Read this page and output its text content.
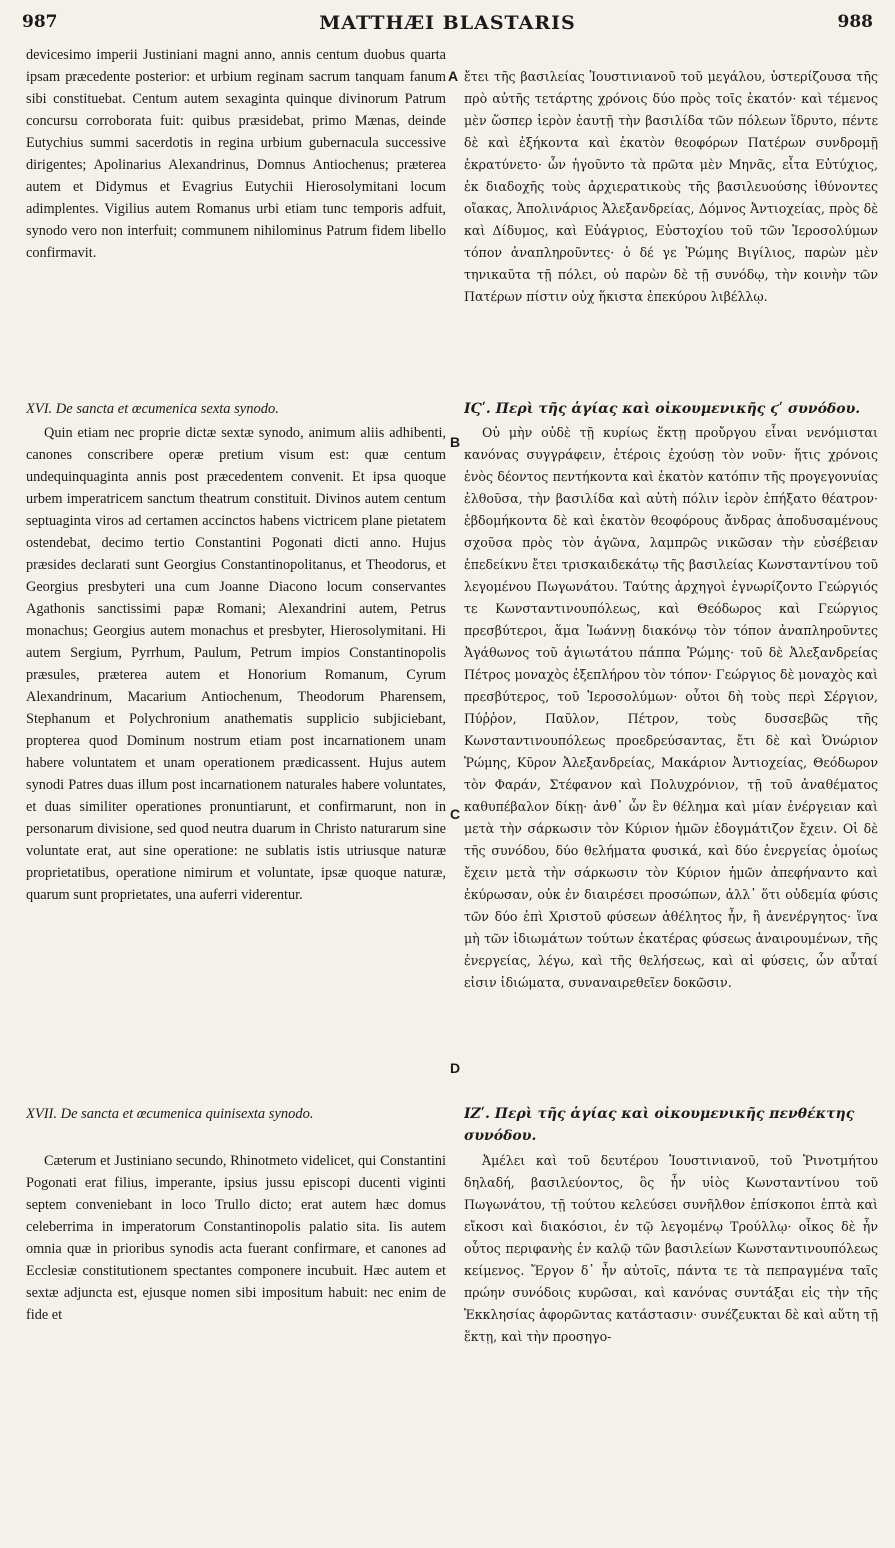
987	MATTHÆI BLASTARIS	988

devicesimo imperii Justiniani magni anno, annis centum duobus quarta ipsam præcedente posterior: et urbium reginam sacrum tanquam fanum sibi constituebat. Centum autem sexaginta quinque divinorum Patrum concursu corroborata fuit: quibus præsidebat, primo Mænas, deinde Eutychius summi sacerdotis in regina urbium gubernacula successive dirigentes; Apolinarius Alexandrinus, Domnus Antiochenus; præterea autem et Didymus et Evagrius Eutychii Hierosolymitani locum adimplentes. Vigilius autem Romanus urbi etiam tunc temporis adfuit, synodo vero non interfuit; communem nihilominus Patrum fidem libello confirmavit.

XVI. De sancta et œcumenica sexta synodo.

Quin etiam nec proprie dictæ sextæ synodo, animum aliis adhibenti, canones conscribere operæ pretium visum est: quæ centum undequinquaginta annis post præcedentem convenit. Et ipsa quoque urbem imperatricem sanctum theatrum constituit. Divinos autem centum septuaginta viros ad certamen accinctos habens victricem plane pietatem ostendebat, decimo tertio Constantini Pogonati dicti anno. Hujus præsides declarati sunt Georgius Constantinopolitanus, et Theodorus, et Georgius presbyteri una cum Joanne Diacono locum conservantes Agathonis sanctissimi papæ Romani; Alexandrini autem, Petrus monachus; Georgius autem monachus et presbyter, Hierosolymitani. Hi autem Sergium, Pyrrhum, Paulum, Petrum impios Constantinopolis præsules, præterea autem et Honorium Romanum, Cyrum Alexandrinum, Macarium Antiochenum, Theodorum Pharensem, Stephanum et Polychronium anathematis supplicio subjiciebant, propterea quod Dominum nostrum etiam post incarnationem unam habere voluntatem et unam operationem prædicassent. Hujus autem synodi Patres duas illum post incarnationem naturales habere voluntates, et duas similiter operationes pronuntiarunt, et confirmarunt, non in personarum divisione, sed quod neutra duarum in Christo naturarum sine voluntate erat, aut sine operatione: ne sublatis istis utriusque naturæ proprietatibus, operatione nimirum et voluntate, ipsæ quoque naturæ, quarum sunt proprietates, una auferri viderentur.

XVII. De sancta et œcumenica quinisexta synodo.

Cæterum et Justiniano secundo, Rhinotmeto videlicet, qui Constantini Pogonati erat filius, imperante, ipsius jussu episcopi ducenti viginti septem conveniebant in loco Trullo dicto; erat autem hæc domus celeberrima in imperatorum Constantinopolis palatio sita. Iis autem omnia quæ in prioribus synodis acta fuerant confirmare, et canones ad Ecclesiæ constitutionem spectantes componere incubuit. Hæc autem et sextæ adjuncta est, ejusque nomen sibi impositum habuit: nec enim de fide et

A
B
C
D

ἔτει τῆς βασιλείας Ἰουστινιανοῦ τοῦ μεγάλου, ὑστερίζουσα τῆς πρὸ αὐτῆς τετάρτης χρόνοις δύο πρὸς τοῖς ἑκατόν· καὶ τέμενος μὲν ὥσπερ ἱερὸν ἑαυτῇ τὴν βασιλίδα τῶν πόλεων ἵδρυτο, πέντε δὲ καὶ ἑξήκοντα καὶ ἑκατὸν θεοφόρων Πατέρων συνδρομῇ ἐκρατύνετο· ὧν ἡγοῦντο τὰ πρῶτα μὲν Μηνᾶς, εἶτα Εὐτύχιος, ἐκ διαδοχῆς τοὺς ἀρχιερατικοὺς τῆς βασιλευούσης ἰθύνοντες οἴακας, Ἀπολινάριος Ἀλεξανδρείας, Δόμνος Ἀντιοχείας, πρὸς δὲ καὶ Δίδυμος, καὶ Εὐάγριος, Εὐστοχίου τοῦ τῶν Ἱεροσολύμων τόπον ἀναπληροῦντες· ὁ δέ γε Ῥώμης Βιγίλιος, παρὼν μὲν τηνικαῦτα τῇ πόλει, οὐ παρὼν δὲ τῇ συνόδῳ, τὴν κοινὴν τῶν Πατέρων πίστιν οὐχ ἥκιστα ἐπεκύρου λιβέλλῳ.

ΙϚʹ. Περὶ τῆς ἁγίας καὶ οἰκουμενικῆς ϛʹ συνόδου.

Οὐ μὴν οὐδὲ τῇ κυρίως ἕκτῃ προὔργου εἶναι νενόμισται κανόνας συγγράφειν, ἑτέροις ἐχούσῃ τὸν νοῦν· ἥτις χρόνοις ἑνὸς δέοντος πεντήκοντα καὶ ἑκατὸν κατόπιν τῆς προγεγονυίας ἐλθοῦσα, τὴν βασιλίδα καὶ αὐτὴ πόλιν ἱερὸν ἐπήξατο θέατρον· ἑβδομήκοντα δὲ καὶ ἑκατὸν θεοφόρους ἄνδρας ἀποδυσαμένους σχοῦσα πρὸς τὸν ἀγῶνα, λαμπρῶς νικῶσαν τὴν εὐσέβειαν ἐπεδείκνυ ἔτει τρισκαιδεκάτῳ τῆς βασιλείας Κωνσταντίνου τοῦ λεγομένου Πωγωνάτου. Ταύτης ἀρχηγοὶ ἐγνωρίζοντο Γεώργιός τε Κωνσταντινουπόλεως, καὶ Θεόδωρος καὶ Γεώργιος πρεσβύτεροι, ἅμα Ἰωάννῃ διακόνῳ τὸν τόπον ἀναπληροῦντες Ἀγάθωνος τοῦ ἁγιωτάτου πάππα Ῥώμης· τοῦ δὲ Ἀλεξανδρείας Πέτρος μοναχὸς ἐξεπλήρου τὸν τόπον· Γεώργιος δὲ μοναχὸς καὶ πρεσβύτερος, τοῦ Ἱεροσολύμων· οὗτοι δὴ τοὺς περὶ Σέργιον, Πύῤῥον, Παῦλον, Πέτρον, τοὺς δυσσεβῶς τῆς Κωνσταντινουπόλεως προεδρεύσαντας, ἔτι δὲ καὶ Ὀνώριον Ῥώμης, Κῦρον Ἀλεξανδρείας, Μακάριον Ἀντιοχείας, Θεόδωρον τὸν Φαράν, Στέφανον καὶ Πολυχρόνιον, τῇ τοῦ ἀναθέματος καθυπέβαλον δίκῃ· ἀνθ᾽ ὧν ἓν θέλημα καὶ μίαν ἐνέργειαν καὶ μετὰ τὴν σάρκωσιν τὸν Κύριον ἡμῶν ἐδογμάτιζον ἔχειν. Οἱ δὲ τῆς συνόδου, δύο θελήματα φυσικά, καὶ δύο ἐνεργείας ὁμοίως ἔχειν μετὰ τὴν σάρκωσιν τὸν Κύριον ἡμῶν ἀπεφήναντο καὶ ἐκύρωσαν, οὐκ ἐν διαιρέσει προσώπων, ἀλλ᾽ ὅτι οὐδεμία φύσις τῶν δύο ἐπὶ Χριστοῦ φύσεων ἀθέλητος ἦν, ἢ ἀνενέργητος· ἵνα μὴ τῶν ἰδιωμάτων τούτων ἑκατέρας φύσεως ἀναιρουμένων, τῆς ἐνεργείας, λέγω, καὶ τῆς θελήσεως, καὶ αἱ φύσεις, ὧν αὗταί εἰσιν ἰδιώματα, συναναιρεθεῖεν δοκῶσιν.

ΙΖʹ. Περὶ τῆς ἁγίας καὶ οἰκουμενικῆς πενθέκτης συνόδου.

Ἀμέλει καὶ τοῦ δευτέρου Ἰουστινιανοῦ, τοῦ Ῥινοτμήτου δηλαδή, βασιλεύοντος, ὃς ἦν υἱὸς Κωνσταντίνου τοῦ Πωγωνάτου, τῇ τούτου κελεύσει συνῆλθον ἐπίσκοποι ἑπτὰ καὶ εἴκοσι καὶ διακόσιοι, ἐν τῷ λεγομένῳ Τρούλλῳ· οἶκος δὲ ἦν οὗτος περιφανὴς ἐν καλῷ τῶν βασιλείων Κωνσταντινουπόλεως κείμενος. Ἔργον δ᾽ ἦν αὐτοῖς, πάντα τε τὰ πεπραγμένα ταῖς πρώην συνόδοις κυρῶσαι, καὶ κανόνας συντάξαι εἰς τὴν τῆς Ἐκκλησίας ἀφορῶντας κατάστασιν· συνέζευκται δὲ καὶ αὕτη τῇ ἕκτῃ, καὶ τὴν προσηγο-
